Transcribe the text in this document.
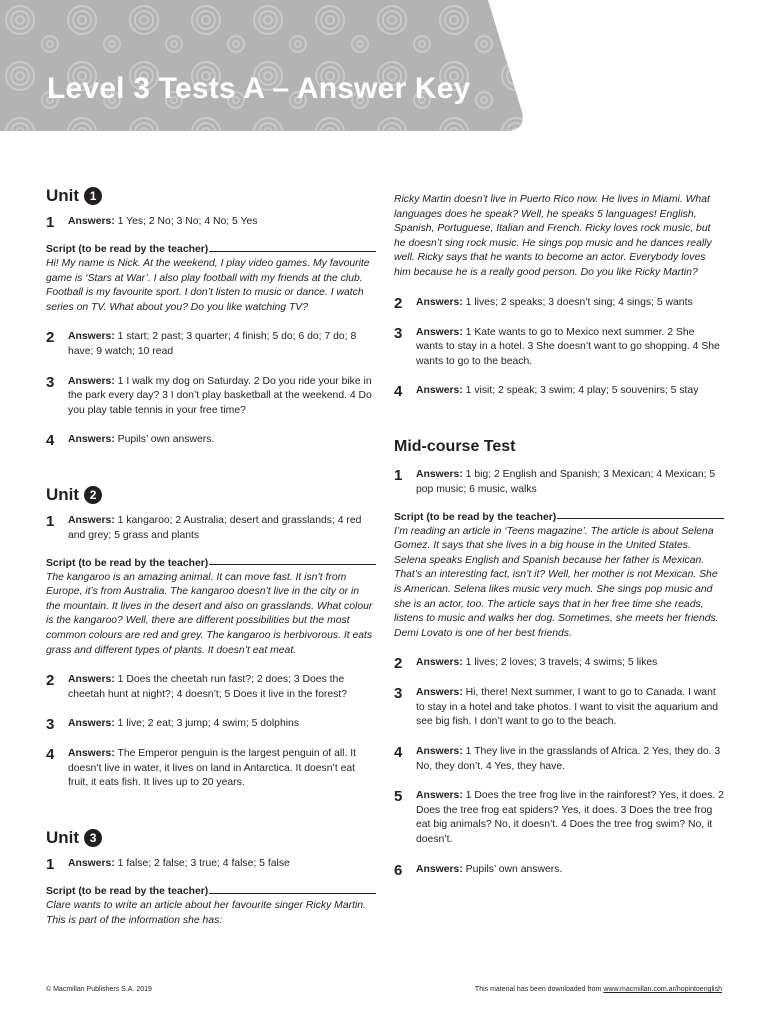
Level 3 Tests A – Answer Key
Unit 1
1	Answers: 1 Yes; 2 No; 3 No; 4 No; 5 Yes
Script (to be read by the teacher)

Hi! My name is Nick. At the weekend, I play video games. My favourite game is ‘Stars at War’. I also play football with my friends at the club. Football is my favourite sport. I don’t listen to music or dance. I watch series on TV. What about you? Do you like watching TV?

2	Answers: 1 start; 2 past; 3 quarter; 4 finish; 5 do; 6 do; 7 do; 8 have; 9 watch; 10 read
3	Answers: 1 I walk my dog on Saturday. 2 Do you ride your bike in the park every day? 3 I don’t play basketball at the weekend. 4 Do you play table tennis in your free time?
4	Answers: Pupils’ own answers.
Unit 2
1	Answers: 1 kangaroo; 2 Australia; desert and grasslands; 4 red and grey; 5 grass and plants
Script (to be read by the teacher)

The kangaroo is an amazing animal. It can move fast. It isn’t from Europe, it’s from Australia. The kangaroo doesn’t live in the city or in the mountain. It lives in the desert and also on grasslands. What colour is the kangaroo? Well, there are different possibilities but the most common colours are red and grey. The kangaroo is herbivorous. It eats grass and different types of plants. It doesn’t eat meat.

2	Answers: 1 Does the cheetah run fast?; 2 does; 3 Does the cheetah hunt at night?; 4 doesn’t; 5 Does it live in the forest?
3	Answers: 1 live; 2 eat; 3 jump; 4 swim; 5 dolphins
4	Answers: The Emperor penguin is the largest penguin of all. It doesn’t live in water, it lives on land in Antarctica. It doesn’t eat fruit, it eats fish. It lives up to 20 years.
Unit 3
1	Answers: 1 false; 2 false; 3 true; 4 false; 5 false
Script (to be read by the teacher)

Clare wants to write an article about her favourite singer Ricky Martin. This is part of the information she has:

Ricky Martin doesn’t live in Puerto Rico now. He lives in Miami. What languages does he speak? Well, he speaks 5 languages! English, Spanish, Portuguese, Italian and French. Ricky loves rock music, but he doesn’t sing rock music. He sings pop music and he dances really well. Ricky says that he wants to become an actor. Everybody loves him because he is a really good person. Do you like Ricky Martin?

2	Answers: 1 lives; 2 speaks; 3 doesn’t sing; 4 sings; 5 wants
3	Answers: 1 Kate wants to go to Mexico next summer. 2 She wants to stay in a hotel. 3 She doesn’t want to go shopping. 4 She wants to go to the beach.
4	Answers: 1 visit; 2 speak; 3 swim; 4 play; 5 souvenirs; 5 stay
Mid-course Test
1	Answers: 1 big; 2 English and Spanish; 3 Mexican; 4 Mexican; 5 pop music; 6 music, walks
Script (to be read by the teacher)

I’m reading an article in ‘Teens magazine’. The article is about Selena Gomez. It says that she lives in a big house in the United States. Selena speaks English and Spanish because her father is Mexican. That’s an interesting fact, isn’t it? Well, her mother is not Mexican. She is American. Selena likes music very much. She sings pop music and she is an actor, too. The article says that in her free time she reads, listens to music and walks her dog. Sometimes, she meets her friends. Demi Lovato is one of her best friends.

2	Answers: 1 lives; 2 loves; 3 travels; 4 swims; 5 likes
3	Answers: Hi, there! Next summer, I want to go to Canada. I want to stay in a hotel and take photos. I want to visit the aquarium and see big fish. I don’t want to go to the beach.
4	Answers: 1 They live in the grasslands of Africa. 2 Yes, they do. 3 No, they don’t. 4 Yes, they have.
5	Answers: 1 Does the tree frog live in the rainforest? Yes, it does. 2 Does the tree frog eat spiders? Yes, it does. 3 Does the tree frog eat big animals? No, it doesn’t. 4 Does the tree frog swim? No, it doesn’t.
6	Answers: Pupils’ own answers.
© Macmillan Publishers S.A. 2019	This material has been downloaded from www.macmillan.com.ar/hopintoenglish
